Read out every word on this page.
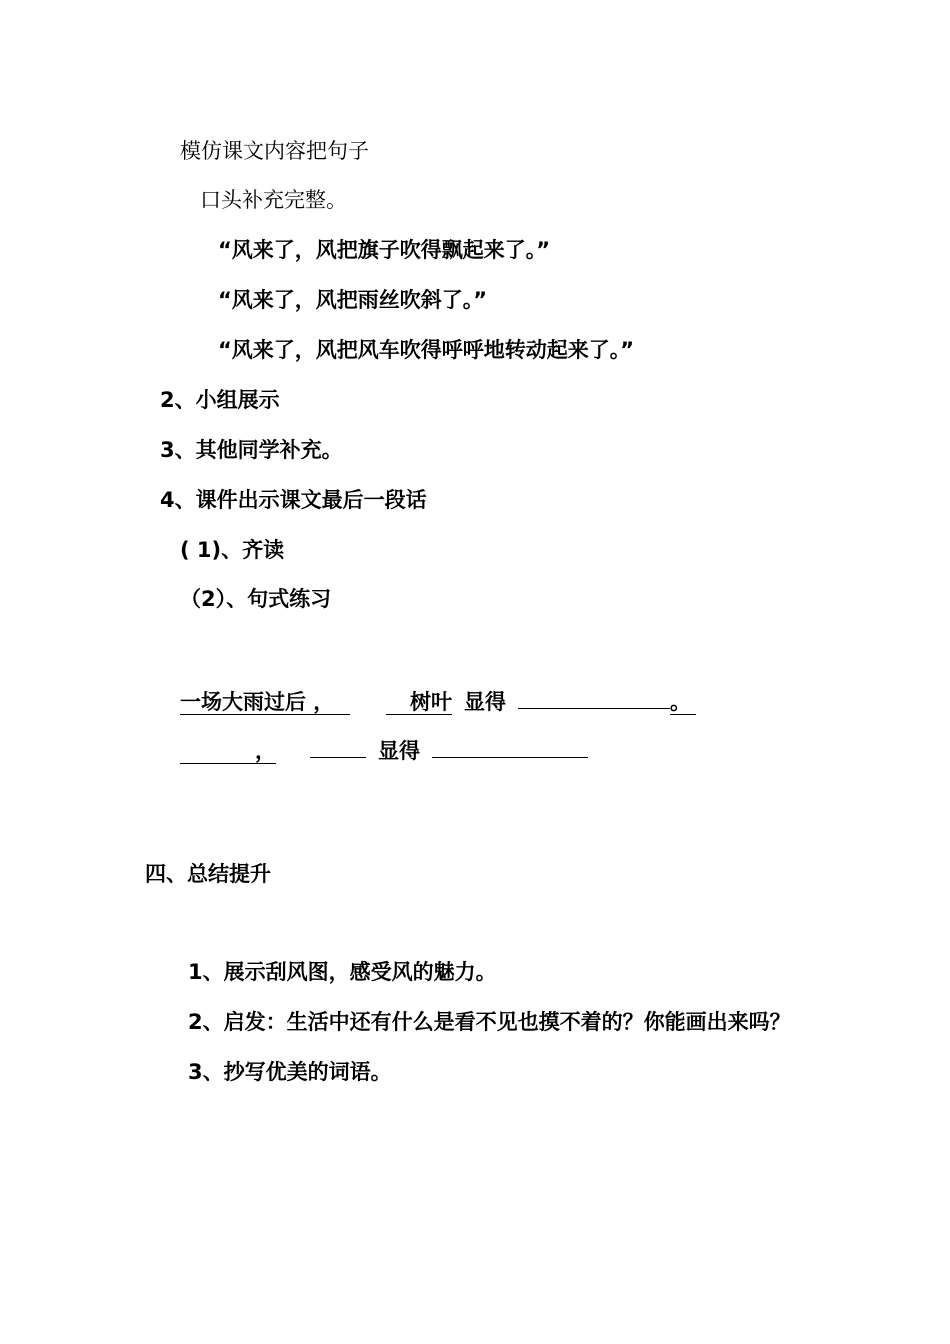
模仿课文内容把句子
口头补充完整。
“风来了，风把旗子吹得飘起来了。”
“风来了，风把雨丝吹斜了。”
“风来了，风把风车吹得呼呼地转动起来了。”
2、小组展示
3、其他同学补充。
4、课件出示课文最后一段话
( 1)、齐读
（2）、句式练习
一场大雨过后 ，	树叶 显得	。
，	显得
四、总结提升
1、展示刮风图，感受风的魅力。
2、启发：生活中还有什么是看不见也摸不着的？你能画出来吗？
3、抄写优美的词语。
